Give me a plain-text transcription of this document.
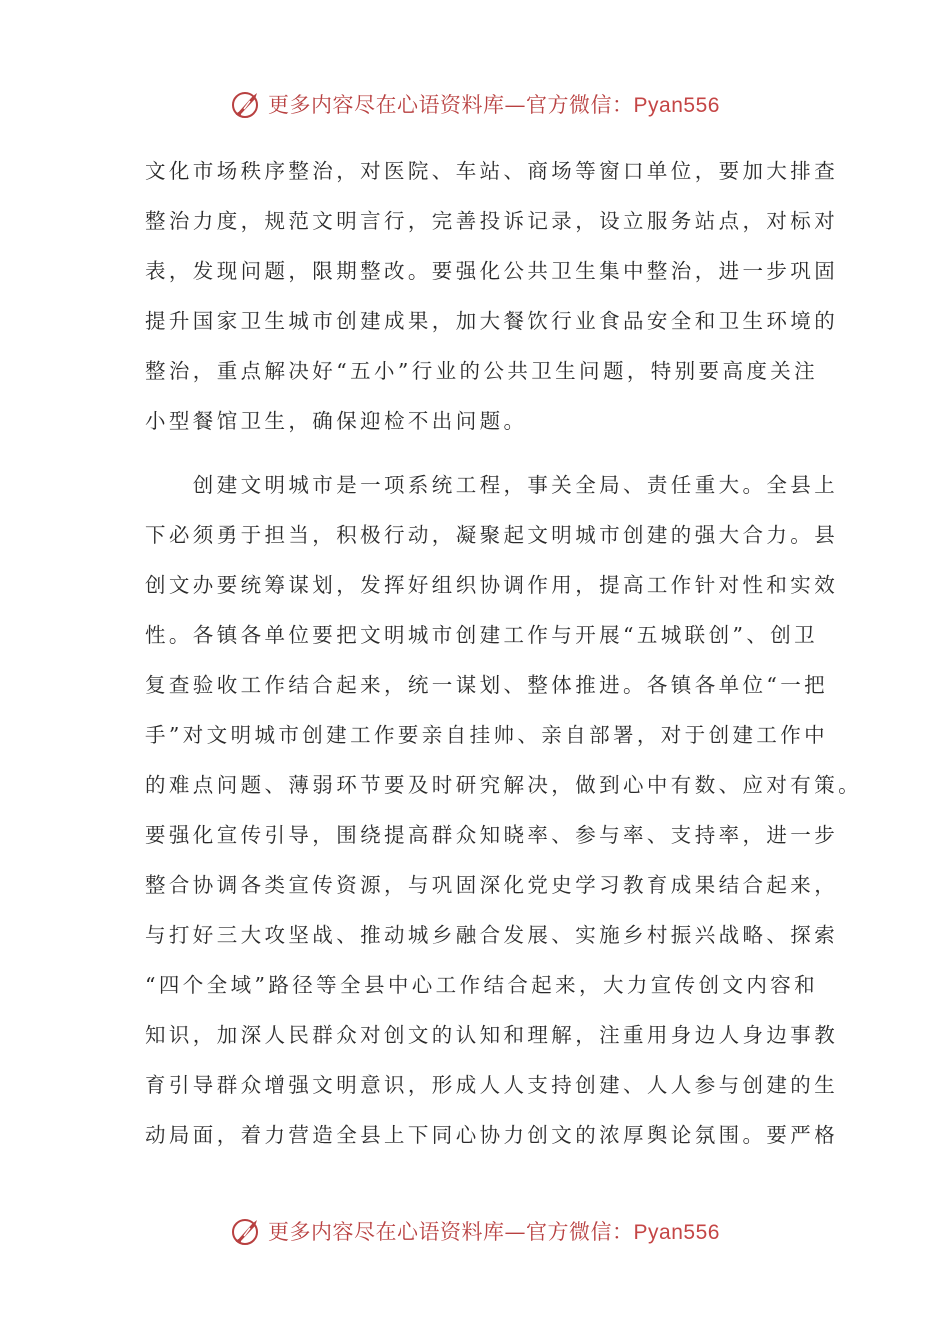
更多内容尽在心语资料库—官方微信：Pyan556
文化市场秩序整治，对医院、车站、商场等窗口单位，要加大排查
整治力度，规范文明言行，完善投诉记录，设立服务站点，对标对
表，发现问题，限期整改。要强化公共卫生集中整治，进一步巩固
提升国家卫生城市创建成果，加大餐饮行业食品安全和卫生环境的
整治，重点解决好“五小”行业的公共卫生问题，特别要高度关注
小型餐馆卫生，确保迎检不出问题。
　　创建文明城市是一项系统工程，事关全局、责任重大。全县上
下必须勇于担当，积极行动，凝聚起文明城市创建的强大合力。县
创文办要统筹谋划，发挥好组织协调作用，提高工作针对性和实效
性。各镇各单位要把文明城市创建工作与开展“五城联创”、创卫
复查验收工作结合起来，统一谋划、整体推进。各镇各单位“一把
手”对文明城市创建工作要亲自挂帅、亲自部署，对于创建工作中
的难点问题、薄弱环节要及时研究解决，做到心中有数、应对有策。
要强化宣传引导，围绕提高群众知晓率、参与率、支持率，进一步
整合协调各类宣传资源，与巩固深化党史学习教育成果结合起来，
与打好三大攻坚战、推动城乡融合发展、实施乡村振兴战略、探索
“四个全域”路径等全县中心工作结合起来，大力宣传创文内容和
知识，加深人民群众对创文的认知和理解，注重用身边人身边事教
育引导群众增强文明意识，形成人人支持创建、人人参与创建的生
动局面，着力营造全县上下同心协力创文的浓厚舆论氛围。要严格
更多内容尽在心语资料库—官方微信：Pyan556
